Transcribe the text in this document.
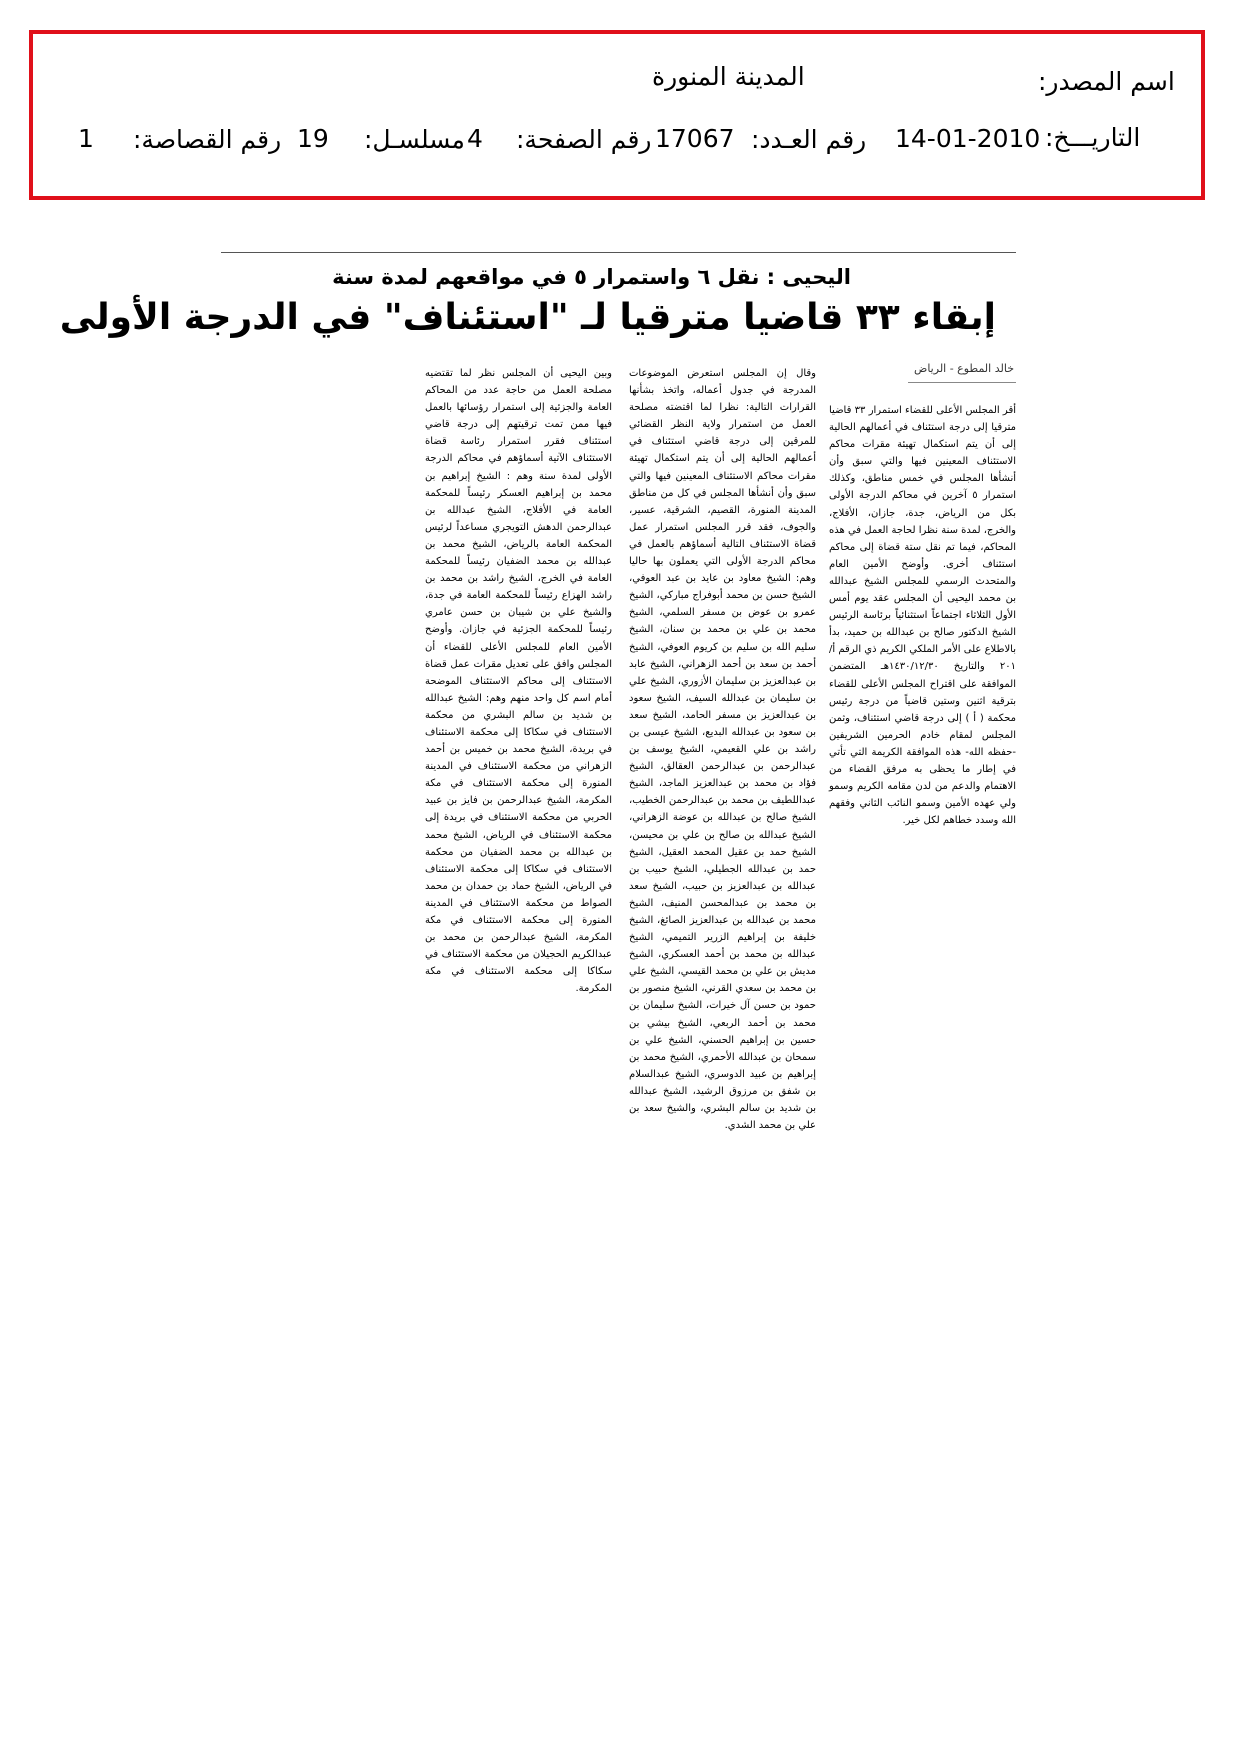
اسم المصدر:
المدينة المنورة
التاريـــخ:
14-01-2010
رقم العـدد:
17067
رقم الصفحة:
4
مسلسـل:
19
رقم القصاصة:
1
اليحيى : نقل ٦ واستمرار ٥ في مواقعهم لمدة سنة
إبقاء ٣٣ قاضيا مترقيا لـ "استئناف" في الدرجة الأولى
خالد المطوع - الرياض

أقر المجلس الأعلى للقضاء استمرار ٣٣ قاضيا مترقيا إلى درجة استئناف في أعمالهم الحالية إلى أن يتم استكمال تهيئة مقرات محاكم الاستئناف المعينين فيها والتي سبق وأن أنشأها المجلس في خمس مناطق، وكذلك استمرار ٥ آخرين في محاكم الدرجة الأولى بكل من الرياض، جدة، جازان، الأفلاج، والخرج، لمدة سنة نظرا لحاجة العمل في هذه المحاكم، فيما تم نقل ستة قضاة إلى محاكم استئناف أخرى. وأوضح الأمين العام والمتحدث الرسمي للمجلس الشيخ عبدالله بن محمد اليحيى أن المجلس عقد يوم أمس الأول الثلاثاء اجتماعاً استثنائياً برئاسة الرئيس الشيخ الدكتور صالح بن عبدالله بن حميد، بدأ بالاطلاع على الأمر الملكي الكريم ذي الرقم أ/٢٠١ والتاريخ ١٤٣٠/١٢/٣٠هـ المتضمن الموافقة على اقتراح المجلس الأعلى للقضاء بترقية اثنين وستين قاضياً من درجة رئيس محكمة ( أ ) إلى درجة قاضي استئناف، وثمن المجلس لمقام خادم الحرمين الشريفين -حفظه الله- هذه الموافقة الكريمة التي تأتي في إطار ما يحظى به مرفق القضاء من الاهتمام والدعم من لدن مقامه الكريم وسمو ولي عهده الأمين وسمو النائب الثاني وفقهم الله وسدد خطاهم لكل خير.

وقال إن المجلس استعرض الموضوعات المدرجة في جدول أعماله، واتخذ بشأنها القرارات التالية: نظرا لما اقتضته مصلحة العمل من استمرار ولاية النظر القضائي للمرقين إلى درجة قاضي استئناف في أعمالهم الحالية إلى أن يتم استكمال تهيئة مقرات محاكم الاستئناف المعينين فيها والتي سبق وأن أنشأها المجلس في كل من مناطق المدينة المنورة، القصيم، الشرقية، عسير، والجوف، فقد قرر المجلس استمرار عمل قضاة الاستئناف التالية أسماؤهم بالعمل في محاكم الدرجة الأولى التي يعملون بها حاليا وهم: الشيخ معاود بن عايد بن عبد العوفي، الشيخ حسن بن محمد أبوفراج مباركي، الشيخ عمرو بن عوض بن مسفر السلمي، الشيخ محمد بن علي بن محمد بن سنان، الشيخ سليم الله بن سليم بن كريوم العوفي، الشيخ أحمد بن سعد بن أحمد الزهراني، الشيخ عابد بن عبدالعزيز بن سليمان الأزوري، الشيخ علي بن سليمان بن عبدالله السيف، الشيخ سعود بن عبدالعزيز بن مسفر الحامد، الشيخ سعد بن سعود بن عبدالله البديع، الشيخ عيسى بن راشد بن علي القعيمي، الشيخ يوسف بن عبدالرحمن بن عبدالرحمن العقالق، الشيخ فؤاد بن محمد بن عبدالعزيز الماجد، الشيخ عبداللطيف بن محمد بن عبدالرحمن الخطيب، الشيخ صالح بن عبدالله بن عوضة الزهراني، الشيخ عبدالله بن صالح بن علي بن محيسن، الشيخ حمد بن عقيل المحمد العقيل، الشيخ حمد بن عبدالله الجطيلي، الشيخ حبيب بن عبدالله بن عبدالعزيز بن حبيب، الشيخ سعد بن محمد بن عبدالمحسن المنيف، الشيخ محمد بن عبدالله بن عبدالعزيز الصائغ، الشيخ خليفة بن إبراهيم الزرير التميمي، الشيخ عبدالله بن محمد بن أحمد العسكري، الشيخ مديش بن علي بن محمد القيسي، الشيخ علي بن محمد بن سعدي القرني، الشيخ منصور بن حمود بن حسن آل خيرات، الشيخ سليمان بن محمد بن أحمد الربعي، الشيخ بيشي بن حسين بن إبراهيم الحسني، الشيخ علي بن سمحان بن عبدالله الأحمري، الشيخ محمد بن إبراهيم بن عبيد الدوسري، الشيخ عبدالسلام بن شفق بن مرزوق الرشيد، الشيخ عبدالله بن شديد بن سالم البشري، والشيخ سعد بن علي بن محمد الشدي.

وبين اليحيى أن المجلس نظر لما تقتضيه مصلحة العمل من حاجة عدد من المحاكم العامة والجزئية إلى استمرار رؤسائها بالعمل فيها ممن تمت ترقيتهم إلى درجة قاضي استئناف فقرر استمرار رئاسة قضاة الاستئناف الآتية أسماؤهم في محاكم الدرجة الأولى لمدة سنة وهم : الشيخ إبراهيم بن محمد بن إبراهيم العسكر رئيساً للمحكمة العامة في الأفلاج، الشيخ عبدالله بن عبدالرحمن الدهش التويجري مساعداً لرئيس المحكمة العامة بالرياض، الشيخ محمد بن عبدالله بن محمد الضفيان رئيساً للمحكمة العامة في الخرج، الشيخ راشد بن محمد بن راشد الهزاع رئيساً للمحكمة العامة في جدة، والشيخ علي بن شيبان بن حسن عامري رئيساً للمحكمة الجزئية في جازان. وأوضح الأمين العام للمجلس الأعلى للقضاء أن المجلس وافق على تعديل مقرات عمل قضاة الاستئناف إلى محاكم الاستئناف الموضحة أمام اسم كل واحد منهم وهم: الشيخ عبدالله بن شديد بن سالم البشري من محكمة الاستئناف في سكاكا إلى محكمة الاستئناف في بريدة، الشيخ محمد بن خميس بن أحمد الزهراني من محكمة الاستئناف في المدينة المنورة إلى محكمة الاستئناف في مكة المكرمة، الشيخ عبدالرحمن بن فايز بن عبيد الحربي من محكمة الاستئناف في بريدة إلى محكمة الاستئناف في الرياض، الشيخ محمد بن عبدالله بن محمد الضفيان من محكمة الاستئناف في سكاكا إلى محكمة الاستئناف في الرياض، الشيخ حماد بن حمدان بن محمد الصواط من محكمة الاستئناف في المدينة المنورة إلى محكمة الاستئناف في مكة المكرمة، الشيخ عبدالرحمن بن محمد بن عبدالكريم الحجيلان من محكمة الاستئناف في سكاكا إلى محكمة الاستئناف في مكة المكرمة.
